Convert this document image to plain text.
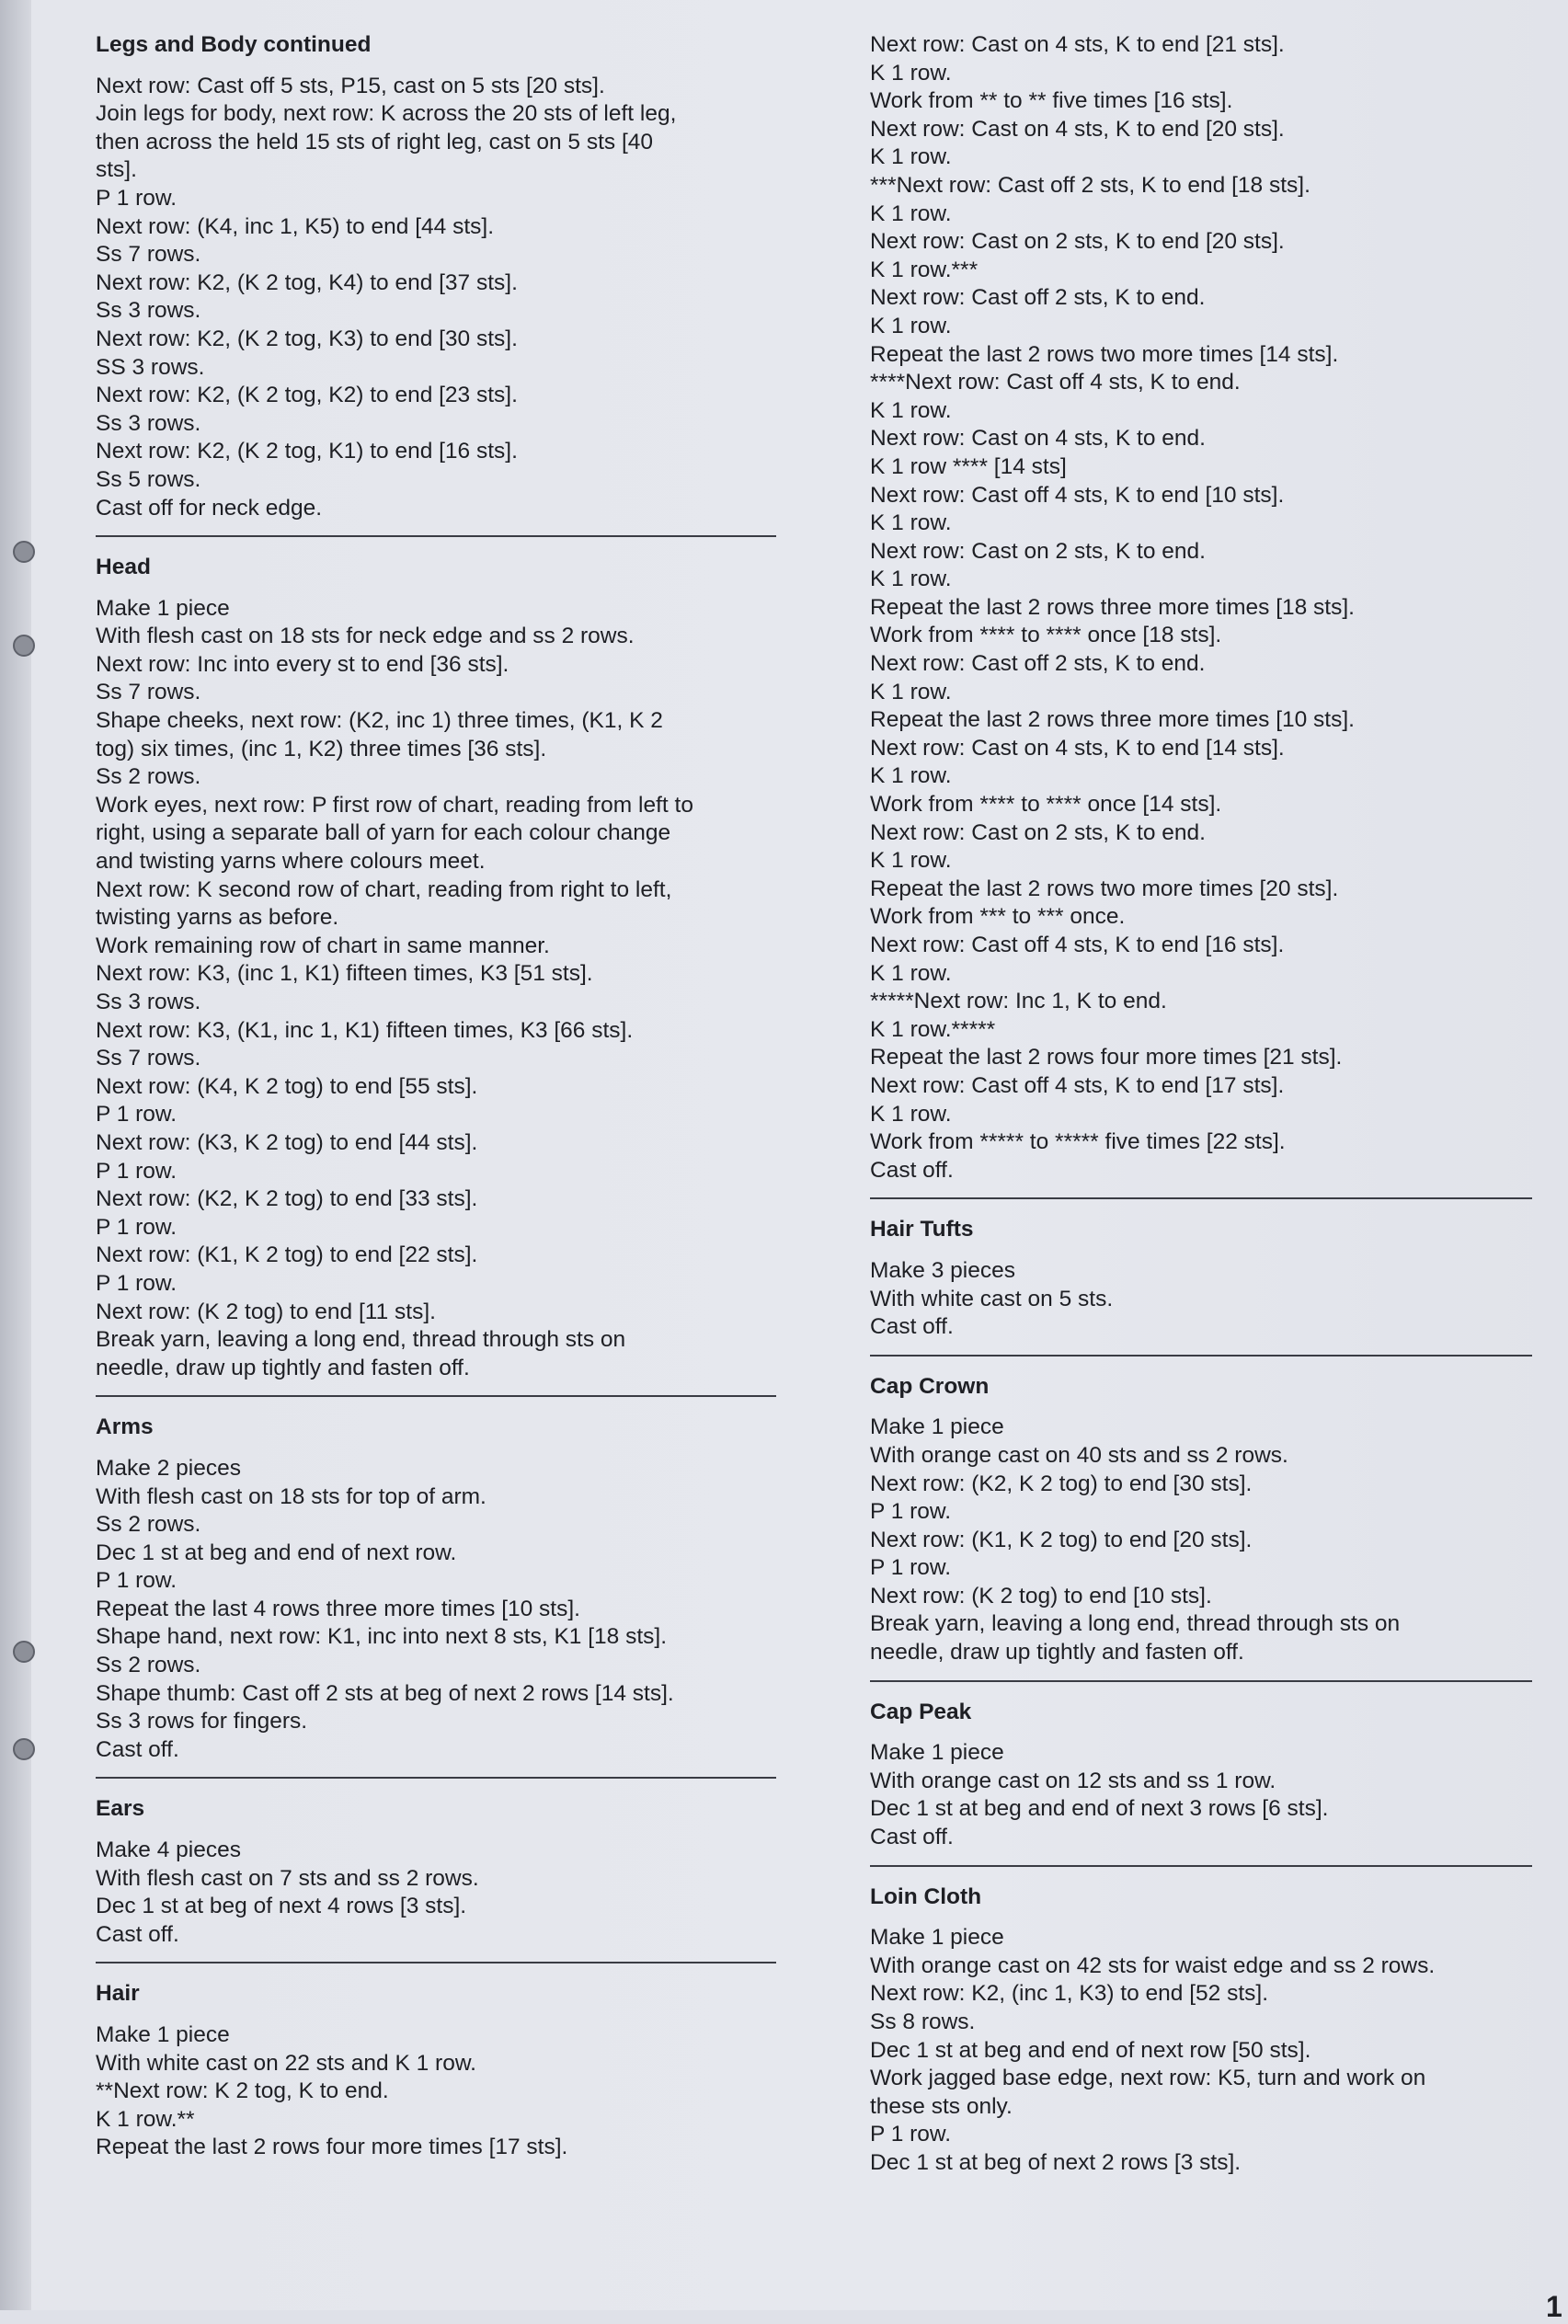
Legs and Body continued
Next row: Cast off 5 sts, P15, cast on 5 sts [20 sts].
Join legs for body, next row: K across the 20 sts of left leg,
then across the held 15 sts of right leg, cast on 5 sts [40
sts].
P 1 row.
Next row: (K4, inc 1, K5) to end [44 sts].
Ss 7 rows.
Next row: K2, (K 2 tog, K4) to end [37 sts].
Ss 3 rows.
Next row: K2, (K 2 tog, K3) to end [30 sts].
SS 3 rows.
Next row: K2, (K 2 tog, K2) to end [23 sts].
Ss 3 rows.
Next row: K2, (K 2 tog, K1) to end [16 sts].
Ss 5 rows.
Cast off for neck edge.
Head
Make 1 piece
With flesh cast on 18 sts for neck edge and ss 2 rows.
Next row: Inc into every st to end [36 sts].
Ss 7 rows.
Shape cheeks, next row: (K2, inc 1) three times, (K1, K 2
tog) six times, (inc 1, K2) three times [36 sts].
Ss 2 rows.
Work eyes, next row: P first row of chart, reading from left to
right, using a separate ball of yarn for each colour change
and twisting yarns where colours meet.
Next row: K second row of chart, reading from right to left,
twisting yarns as before.
Work remaining row of chart in same manner.
Next row: K3, (inc 1, K1) fifteen times, K3 [51 sts].
Ss 3 rows.
Next row: K3, (K1, inc 1, K1) fifteen times, K3 [66 sts].
Ss 7 rows.
Next row: (K4, K 2 tog) to end [55 sts].
P 1 row.
Next row: (K3, K 2 tog) to end [44 sts].
P 1 row.
Next row: (K2, K 2 tog) to end [33 sts].
P 1 row.
Next row: (K1, K 2 tog) to end [22 sts].
P 1 row.
Next row: (K 2 tog) to end [11 sts].
Break yarn, leaving a long end, thread through sts on
needle, draw up tightly and fasten off.
Arms
Make 2 pieces
With flesh cast on 18 sts for top of arm.
Ss 2 rows.
Dec 1 st at beg and end of next row.
P 1 row.
Repeat the last 4 rows three more times [10 sts].
Shape hand, next row: K1, inc into next 8 sts, K1 [18 sts].
Ss 2 rows.
Shape thumb: Cast off 2 sts at beg of next 2 rows [14 sts].
Ss 3 rows for fingers.
Cast off.
Ears
Make 4 pieces
With flesh cast on 7 sts and ss 2 rows.
Dec 1 st at beg of next 4 rows [3 sts].
Cast off.
Hair
Make 1 piece
With white cast on 22 sts and K 1 row.
**Next row: K 2 tog, K to end.
K 1 row.**
Repeat the last 2 rows four more times [17 sts].
Next row: Cast on 4 sts, K to end [21 sts].
K 1 row.
Work from ** to ** five times [16 sts].
Next row: Cast on 4 sts, K to end [20 sts].
K 1 row.
***Next row: Cast off 2 sts, K to end [18 sts].
K 1 row.
Next row: Cast on 2 sts, K to end [20 sts].
K 1 row.***
Next row: Cast off 2 sts, K to end.
K 1 row.
Repeat the last 2 rows two more times [14 sts].
****Next row: Cast off 4 sts, K to end.
K 1 row.
Next row: Cast on 4 sts, K to end.
K 1 row **** [14 sts]
Next row: Cast off 4 sts, K to end [10 sts].
K 1 row.
Next row: Cast on 2 sts, K to end.
K 1 row.
Repeat the last 2 rows three more times [18 sts].
Work from **** to **** once [18 sts].
Next row: Cast off 2 sts, K to end.
K 1 row.
Repeat the last 2 rows three more times [10 sts].
Next row: Cast on 4 sts, K to end [14 sts].
K 1 row.
Work from **** to **** once [14 sts].
Next row: Cast on 2 sts, K to end.
K 1 row.
Repeat the last 2 rows two more times [20 sts].
Work from *** to *** once.
Next row: Cast off 4 sts, K to end [16 sts].
K 1 row.
*****Next row: Inc 1, K to end.
K 1 row.*****
Repeat the last 2 rows four more times [21 sts].
Next row: Cast off 4 sts, K to end [17 sts].
K 1 row.
Work from ***** to ***** five times [22 sts].
Cast off.
Hair Tufts
Make 3 pieces
With white cast on 5 sts.
Cast off.
Cap Crown
Make 1 piece
With orange cast on 40 sts and ss 2 rows.
Next row: (K2, K 2 tog) to end [30 sts].
P 1 row.
Next row: (K1, K 2 tog) to end [20 sts].
P 1 row.
Next row: (K 2 tog) to end [10 sts].
Break yarn, leaving a long end, thread through sts on
needle, draw up tightly and fasten off.
Cap Peak
Make 1 piece
With orange cast on 12 sts and ss 1 row.
Dec 1 st at beg and end of next 3 rows [6 sts].
Cast off.
Loin Cloth
Make 1 piece
With orange cast on 42 sts for waist edge and ss 2 rows.
Next row: K2, (inc 1, K3) to end [52 sts].
Ss 8 rows.
Dec 1 st at beg and end of next row [50 sts].
Work jagged base edge, next row: K5, turn and work on
these sts only.
P 1 row.
Dec 1 st at beg of next 2 rows [3 sts].
1
